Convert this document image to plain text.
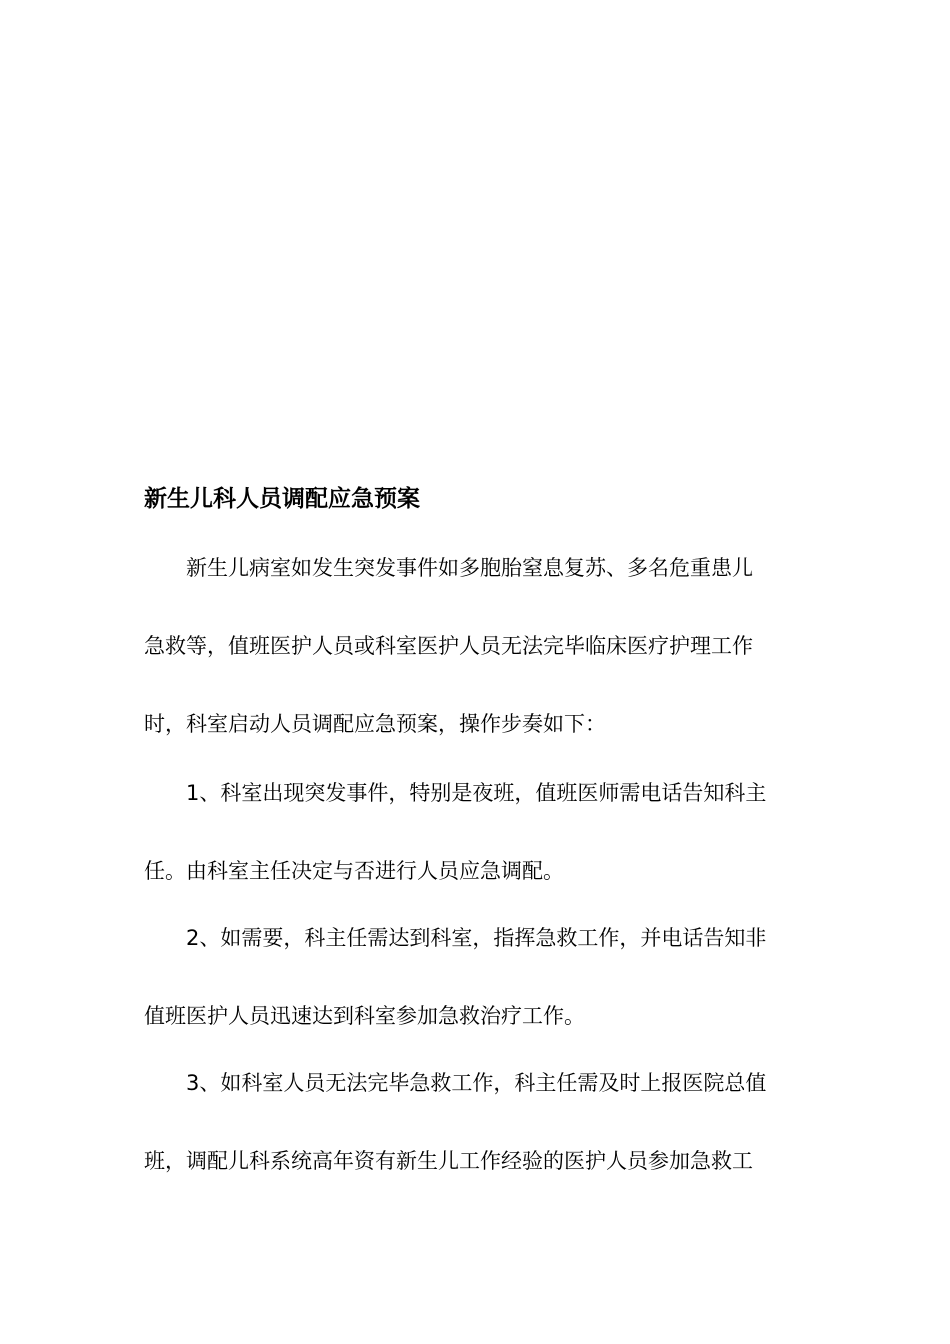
新生儿科人员调配应急预案
新生儿病室如发生突发事件如多胞胎窒息复苏、多名危重患儿
急救等，值班医护人员或科室医护人员无法完毕临床医疗护理工作
时，科室启动人员调配应急预案，操作步奏如下：
1、科室出现突发事件，特别是夜班，值班医师需电话告知科主
任。由科室主任决定与否进行人员应急调配。
2、如需要，科主任需达到科室，指挥急救工作，并电话告知非
值班医护人员迅速达到科室参加急救治疗工作。
3、如科室人员无法完毕急救工作，科主任需及时上报医院总值
班，调配儿科系统高年资有新生儿工作经验的医护人员参加急救工
